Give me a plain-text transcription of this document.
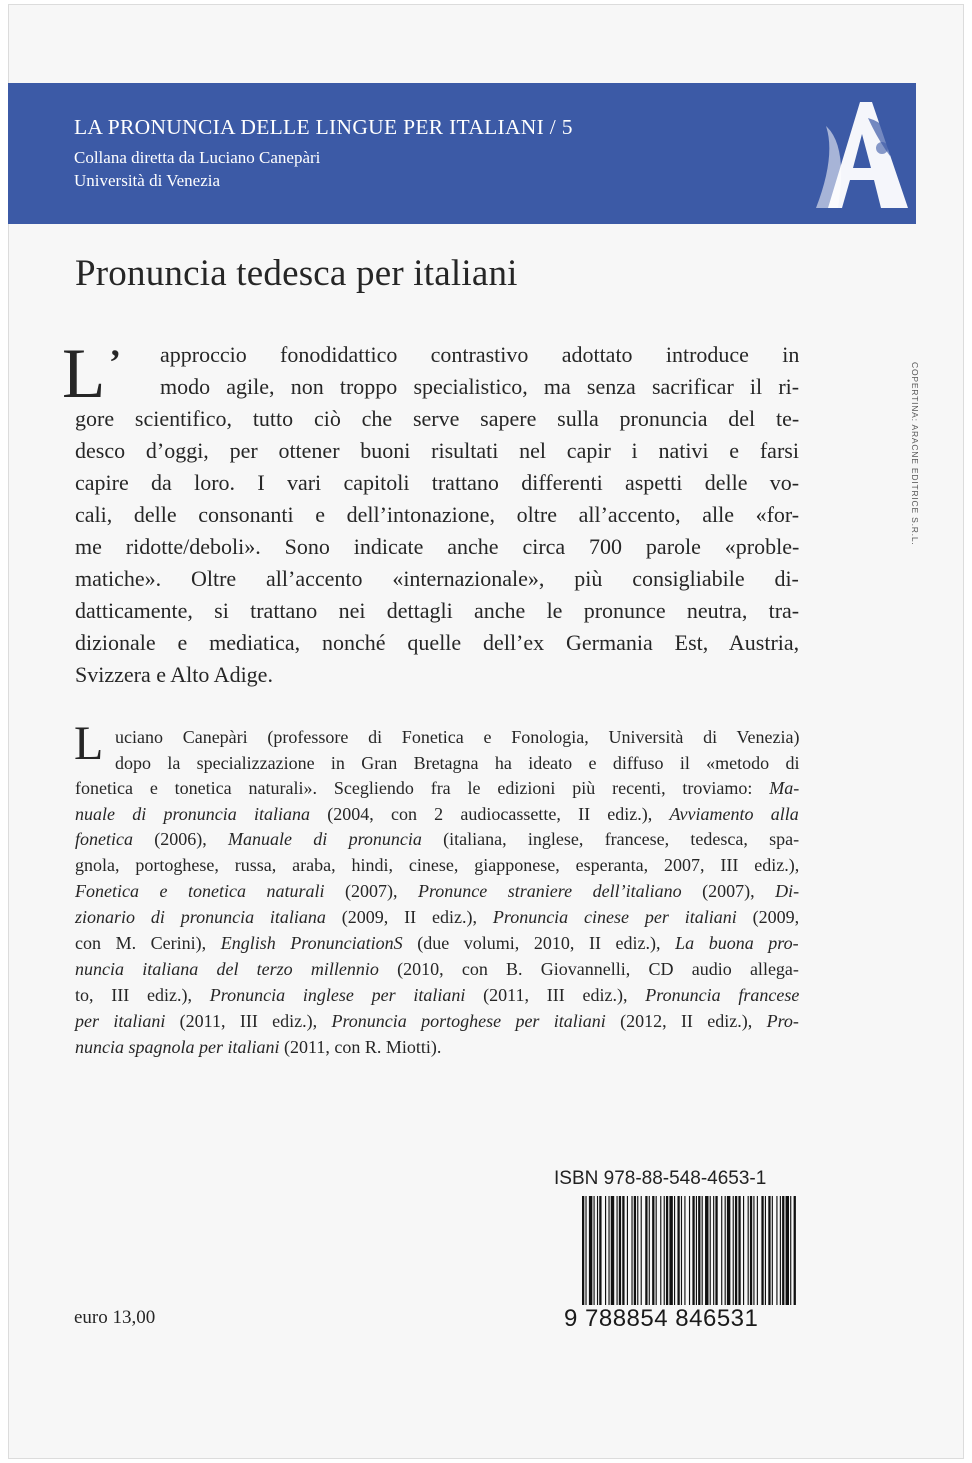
LA PRONUNCIA DELLE LINGUE PER ITALIANI / 5
Collana diretta da Luciano Canepàri
Università di Venezia
Pronuncia tedesca per italiani
COPERTINA: ARACNE EDITRICE S.R.L.
L ’ approccio fonodidattico contrastivo adottato introduce in
modo agile, non troppo specialistico, ma senza sacrificar il ri-
gore scientifico, tutto ciò che serve sapere sulla pronuncia del te-
desco d’oggi, per ottener buoni risultati nel capir i nativi e farsi
capire da loro. I vari capitoli trattano differenti aspetti delle vo-
cali, delle consonanti e dell’intonazione, oltre all’accento, alle «for-
me ridotte/deboli». Sono indicate anche circa 700 parole «proble-
matiche». Oltre all’accento «internazionale», più consigliabile di-
datticamente, si trattano nei dettagli anche le pronunce neutra, tra-
dizionale e mediatica, nonché quelle dell’ex Germania Est, Austria,
Svizzera e Alto Adige.
L uciano Canepàri (professore di Fonetica e Fonologia, Università di Venezia)
dopo la specializzazione in Gran Bretagna ha ideato e diffuso il «metodo di
fonetica e tonetica naturali». Scegliendo fra le edizioni più recenti, troviamo: Ma-
nuale di pronuncia italiana (2004, con 2 audiocassette, II ediz.), Avviamento alla
fonetica (2006), Manuale di pronuncia (italiana, inglese, francese, tedesca, spa-
gnola, portoghese, russa, araba, hindi, cinese, giapponese, esperanta, 2007, III ediz.),
Fonetica e tonetica naturali (2007), Pronunce straniere dell’italiano (2007), Di-
zionario di pronuncia italiana (2009, II ediz.), Pronuncia cinese per italiani (2009,
con M. Cerini), English PronunciationS (due volumi, 2010, II ediz.), La buona pro-
nuncia italiana del terzo millennio (2010, con B. Giovannelli, CD audio allega-
to, III ediz.), Pronuncia inglese per italiani (2011, III ediz.), Pronuncia francese
per italiani (2011, III ediz.), Pronuncia portoghese per italiani (2012, II ediz.), Pro-
nuncia spagnola per italiani (2011, con R. Miotti).
ISBN 978-88-548-4653-1
9 788854 846531
euro 13,00
